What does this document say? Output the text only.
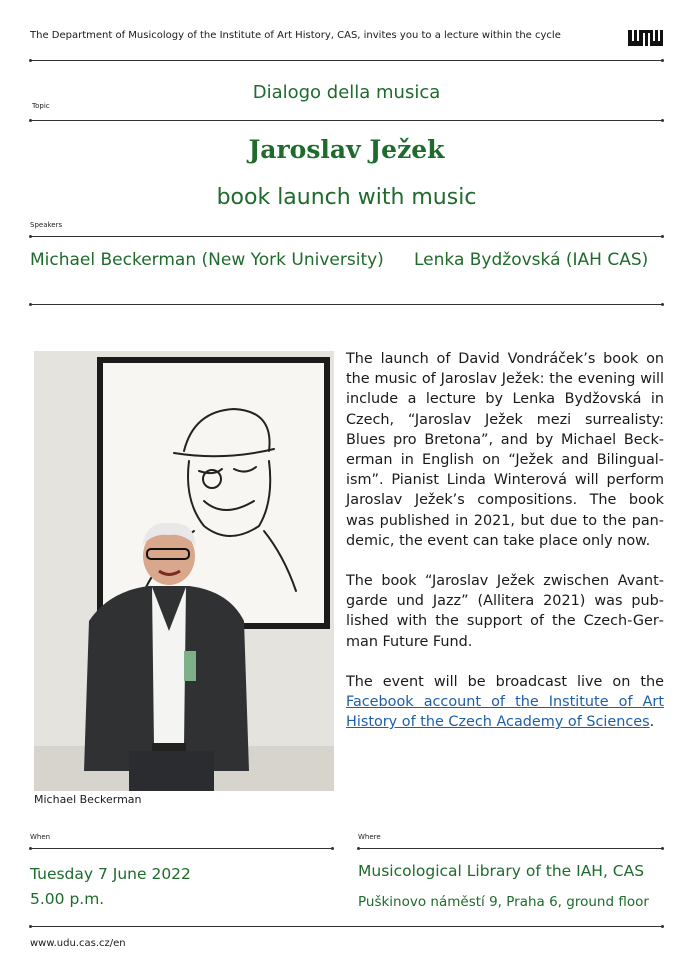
The Department of Musicology of the Institute of Art History, CAS, invites you to a lecture within the cycle
Dialogo della musica
Topic
Jaroslav Ježek
book launch with music
Speakers
Michael Beckerman (New York University) Lenka Bydžovská (IAH CAS)
Michael Beckerman

The launch of David Vondráček’s book on the music of Jaroslav Ježek: the evening will include a lecture by Lenka Bydžovská in Czech, “Jaroslav Ježek mezi surrealisty: Blues pro Bretona”, and by Michael Beckerman in English on “Ježek and Bilingualism”. Pianist Linda Winterová will perform Jaroslav Ježek’s compositions. The book was published in 2021, but due to the pandemic, the event can take place only now.

The book “Jaroslav Ježek zwischen Avantgarde und Jazz” (Allitera 2021) was published with the support of the Czech-German Future Fund.

The event will be broadcast live on the Facebook account of the Institute of Art History of the Czech Academy of Sciences.

When	Where
Tuesday 7 June 2022
5.00 p.m.
Musicological Library of the IAH, CAS
Puškinovo náměstí 9, Praha 6, ground floor
www.udu.cas.cz/en
